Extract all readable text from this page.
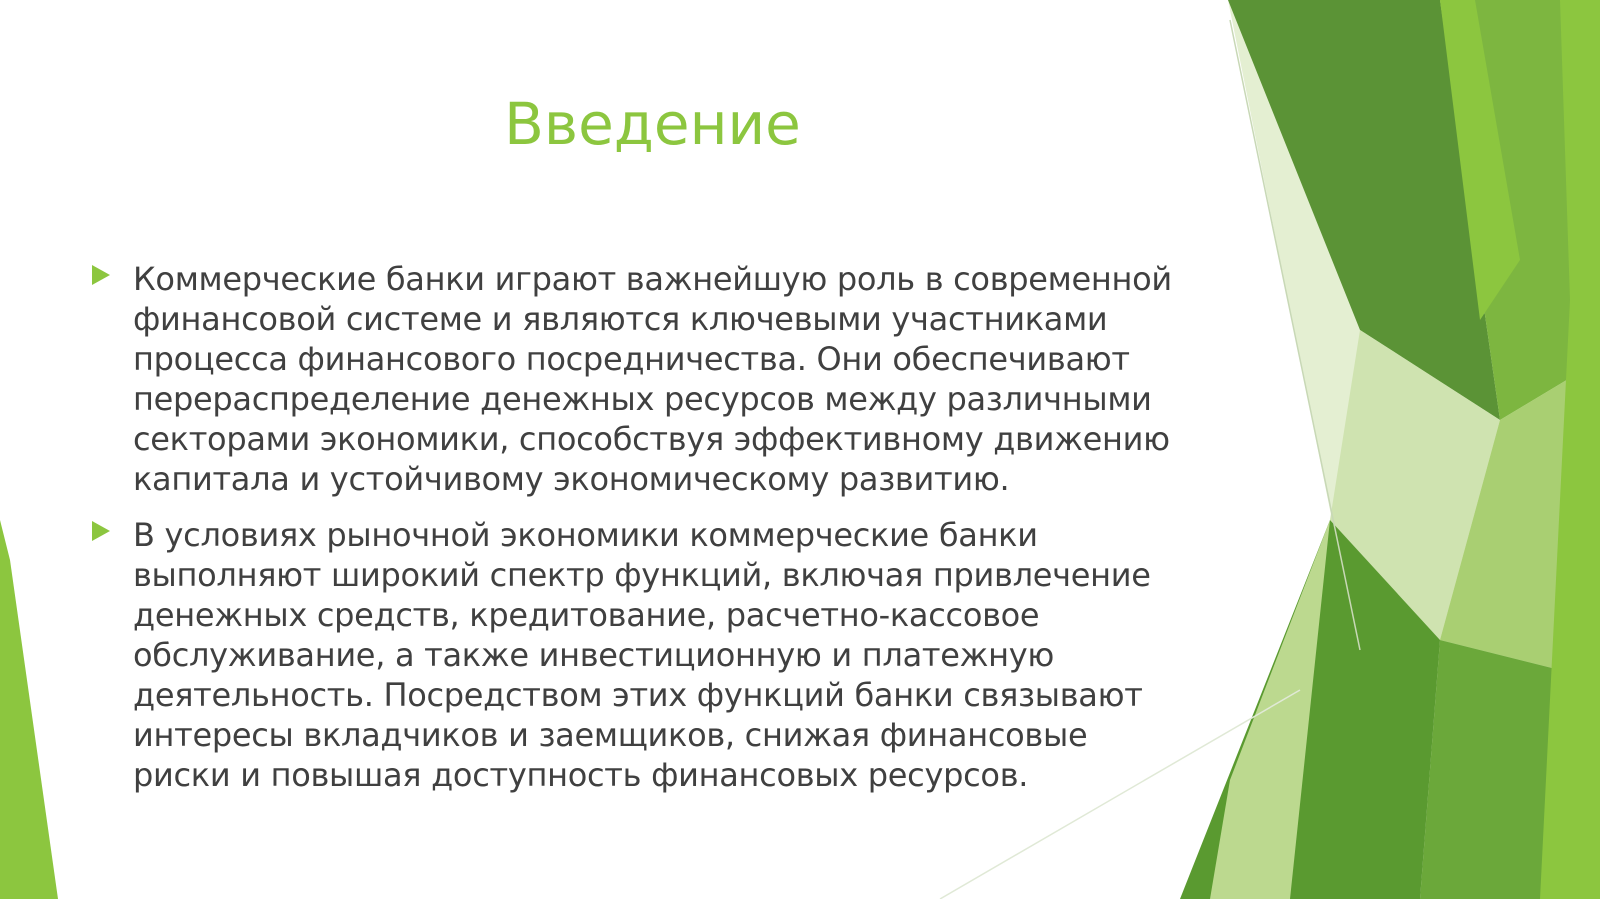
Введение
Коммерческие банки играют важнейшую роль в современной финансовой системе и являются ключевыми участниками процесса финансового посредничества. Они обеспечивают перераспределение денежных ресурсов между различными секторами экономики, способствуя эффективному движению капитала и устойчивому экономическому развитию.
В условиях рыночной экономики коммерческие банки выполняют широкий спектр функций, включая привлечение денежных средств, кредитование, расчетно-кассовое обслуживание, а также инвестиционную и платежную деятельность. Посредством этих функций банки связывают интересы вкладчиков и заемщиков, снижая финансовые риски и повышая доступность финансовых ресурсов.
